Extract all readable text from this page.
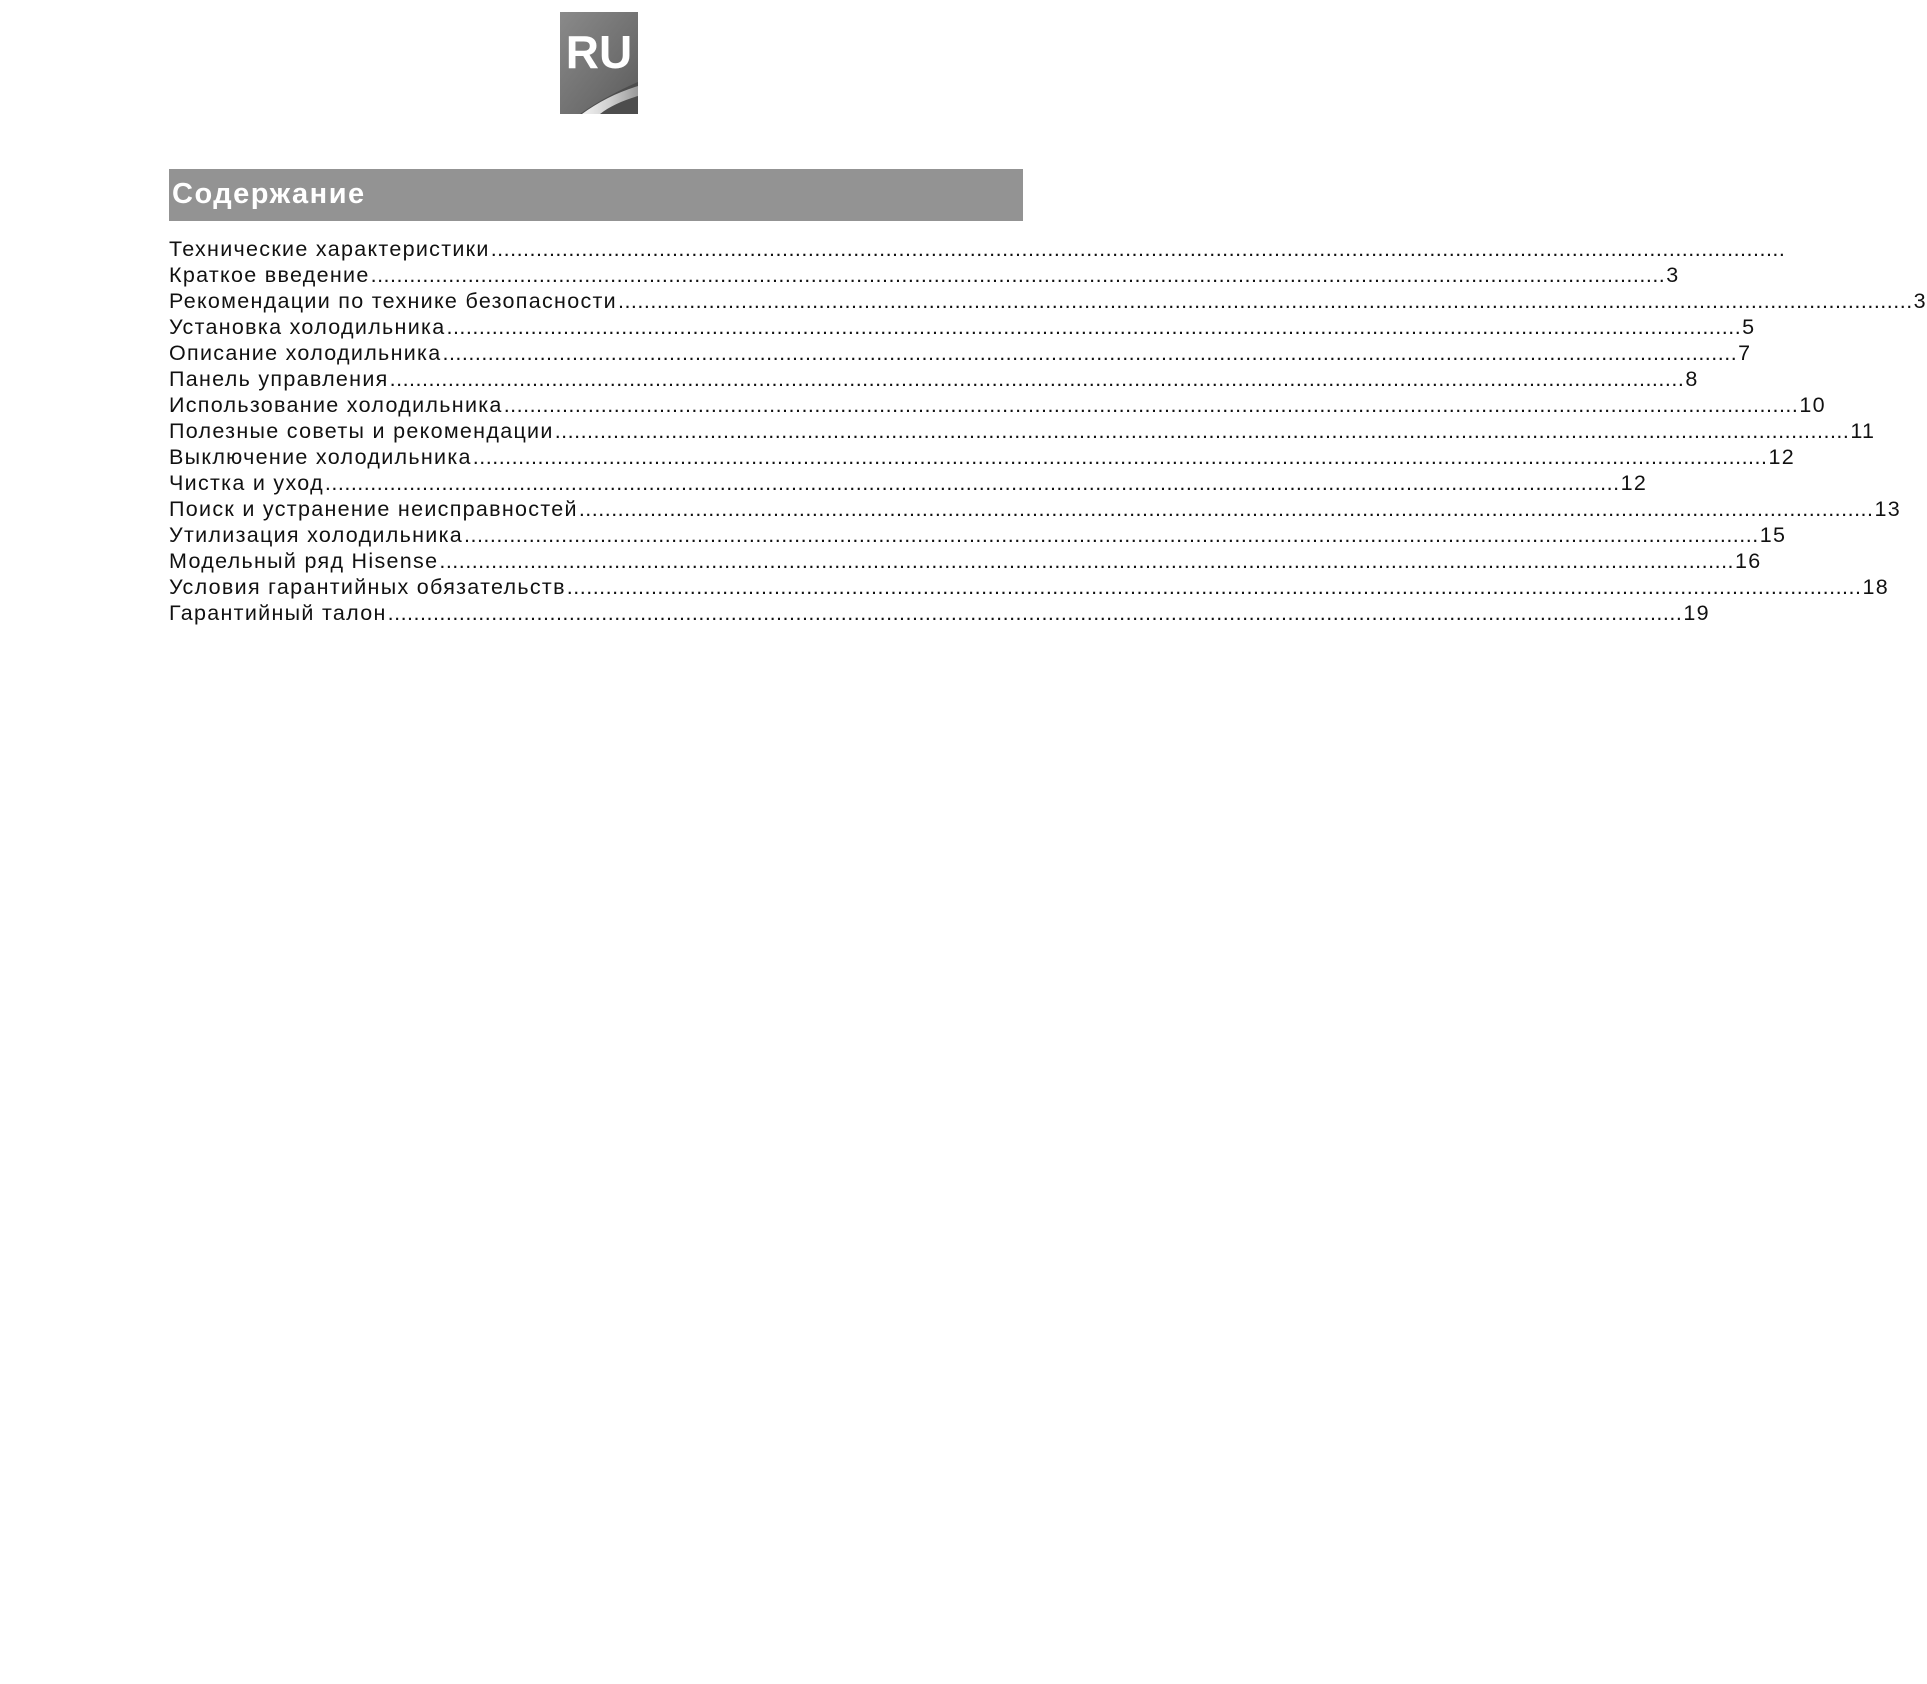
RU
Содержание
Технические характеристики ........................................................................................................................................................................................................
Краткое введение ........................................................................................................................................................................................................ 3
Рекомендации по технике безопасности ........................................................................................................................................................................................................ 3
Установка холодильника ........................................................................................................................................................................................................ 5
Описание холодильника ........................................................................................................................................................................................................ 7
Панель управления ........................................................................................................................................................................................................ 8
Использование холодильника ........................................................................................................................................................................................................ 10
Полезные советы и рекомендации ........................................................................................................................................................................................................ 11
Выключение холодильника ........................................................................................................................................................................................................ 12
Чистка и уход ........................................................................................................................................................................................................ 12
Поиск и устранение неисправностей ........................................................................................................................................................................................................ 13
Утилизация холодильника ........................................................................................................................................................................................................ 15
Модельный ряд Hisense ........................................................................................................................................................................................................ 16
Условия гарантийных обязательств ........................................................................................................................................................................................................ 18
Гарантийный талон ........................................................................................................................................................................................................ 19
